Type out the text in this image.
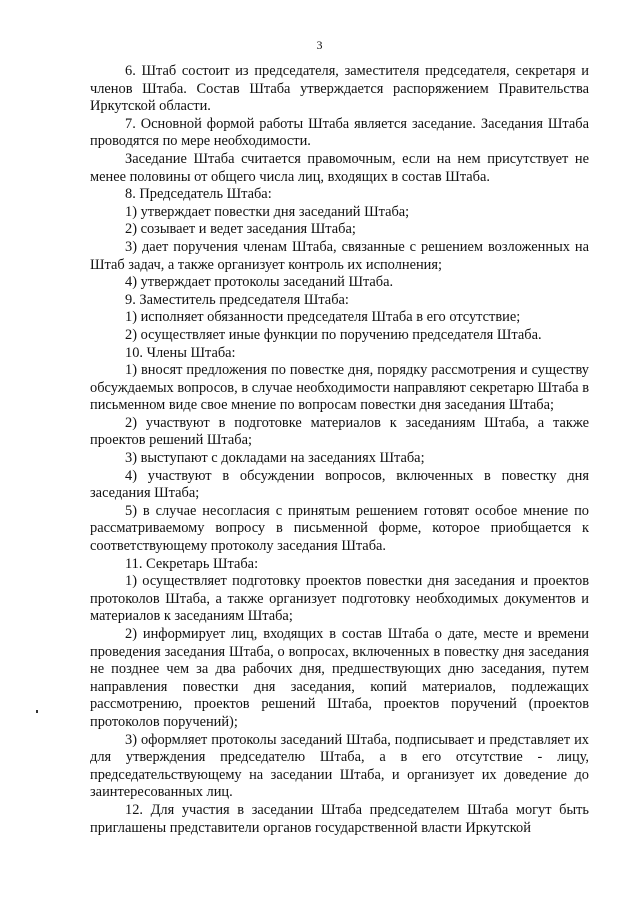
3

6. Штаб состоит из председателя, заместителя председателя, секретаря и членов Штаба. Состав Штаба утверждается распоряжением Правительства Иркутской области.

7. Основной формой работы Штаба является заседание. Заседания Штаба проводятся по мере необходимости.

Заседание Штаба считается правомочным, если на нем присутствует не менее половины от общего числа лиц, входящих в состав Штаба.

8. Председатель Штаба:

1) утверждает повестки дня заседаний Штаба;

2) созывает и ведет заседания Штаба;

3) дает поручения членам Штаба, связанные с решением возложенных на Штаб задач, а также организует контроль их исполнения;

4) утверждает протоколы заседаний Штаба.

9. Заместитель председателя Штаба:

1) исполняет обязанности председателя Штаба в его отсутствие;

2) осуществляет иные функции по поручению председателя Штаба.

10. Члены Штаба:

1) вносят предложения по повестке дня, порядку рассмотрения и существу обсуждаемых вопросов, в случае необходимости направляют секретарю Штаба в письменном виде свое мнение по вопросам повестки дня заседания Штаба;

2) участвуют в подготовке материалов к заседаниям Штаба, а также проектов решений Штаба;

3) выступают с докладами на заседаниях Штаба;

4) участвуют в обсуждении вопросов, включенных в повестку дня заседания Штаба;

5) в случае несогласия с принятым решением готовят особое мнение по рассматриваемому вопросу в письменной форме, которое приобщается к соответствующему протоколу заседания Штаба.

11. Секретарь Штаба:

1) осуществляет подготовку проектов повестки дня заседания и проектов протоколов Штаба, а также организует подготовку необходимых документов и материалов к заседаниям Штаба;

2) информирует лиц, входящих в состав Штаба о дате, месте и времени проведения заседания Штаба, о вопросах, включенных в повестку дня заседания не позднее чем за два рабочих дня, предшествующих дню заседания, путем направления повестки дня заседания, копий материалов, подлежащих рассмотрению, проектов решений Штаба, проектов поручений (проектов протоколов поручений);

3) оформляет протоколы заседаний Штаба, подписывает и представляет их для утверждения председателю Штаба, а в его отсутствие - лицу, председательствующему на заседании Штаба, и организует их доведение до заинтересованных лиц.

12. Для участия в заседании Штаба председателем Штаба могут быть приглашены представители органов государственной власти Иркутской
